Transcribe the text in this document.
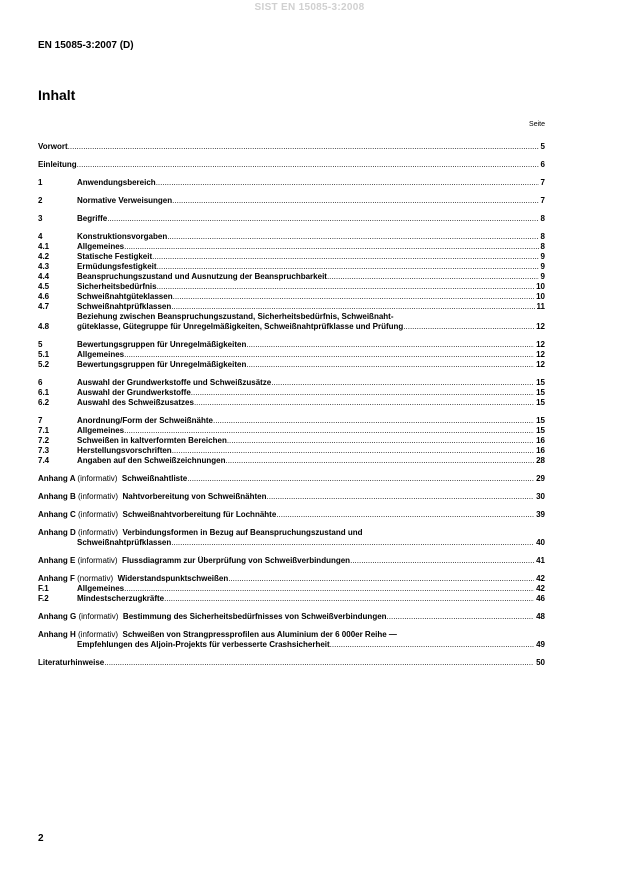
SIST EN 15085-3:2008
EN 15085-3:2007 (D)
Inhalt
Seite
Vorwort .....	5
Einleitung .....	6
1	Anwendungsbereich .....	7
2	Normative Verweisungen .....	7
3	Begriffe .....	8
4	Konstruktionsvorgaben .....	8
4.1	Allgemeines .....	8
4.2	Statische Festigkeit .....	9
4.3	Ermüdungsfestigkeit .....	9
4.4	Beanspruchungszustand und Ausnutzung der Beanspruchbarkeit .....	9
4.5	Sicherheitsbedürfnis .....	10
4.6	Schweißnahtgüteklassen .....	10
4.7	Schweißnahtprüfklassen .....	11
4.8
Beziehung zwischen Beanspruchungszustand, Sicherheitsbedürfnis, Schweißnaht-
güteklasse, Gütegruppe für Unregelmäßigkeiten, Schweißnahtprüfklasse und Prüfung .....	12
5	Bewertungsgruppen für Unregelmäßigkeiten .....	12
5.1	Allgemeines .....	12
5.2	Bewertungsgruppen für Unregelmäßigkeiten .....	12
6	Auswahl der Grundwerkstoffe und Schweißzusätze .....	15
6.1	Auswahl der Grundwerkstoffe .....	15
6.2	Auswahl des Schweißzusatzes .....	15
7	Anordnung/Form der Schweißnähte .....	15
7.1	Allgemeines .....	15
7.2	Schweißen in kaltverformten Bereichen .....	16
7.3	Herstellungsvorschriften .....	16
7.4	Angaben auf den Schweißzeichnungen .....	28
Anhang A (informativ) Schweißnahtliste .....	29
Anhang B (informativ) Nahtvorbereitung von Schweißnähten .....	30
Anhang C (informativ) Schweißnahtvorbereitung für Lochnähte .....	39
Anhang D (informativ) Verbindungsformen in Bezug auf Beanspruchungszustand und
Schweißnahtprüfklassen .....	40
Anhang E (informativ) Flussdiagramm zur Überprüfung von Schweißverbindungen .....	41
Anhang F (normativ) Widerstandspunktschweißen .....	42
F.1	Allgemeines .....	42
F.2	Mindestscherzugkräfte .....	46
Anhang G (informativ) Bestimmung des Sicherheitsbedürfnisses von Schweißverbindungen .....	48
Anhang H (informativ) Schweißen von Strangpressprofilen aus Aluminium der 6 000er Reihe —
Empfehlungen des Aljoin-Projekts für verbesserte Crashsicherheit .....	49
Literaturhinweise .....	50
2
